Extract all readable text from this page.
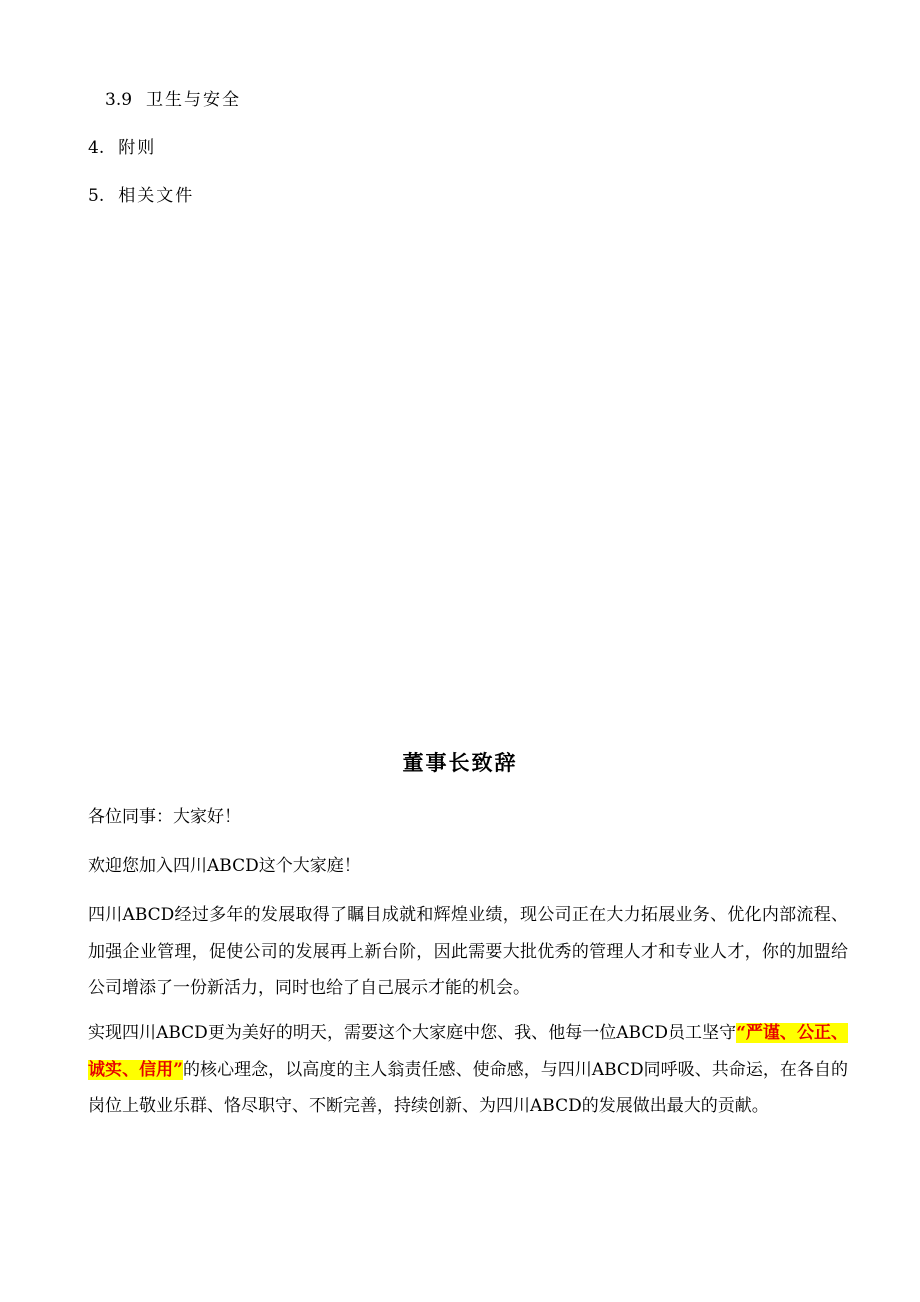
3.9 卫生与安全
4. 附则
5. 相关文件
董事长致辞
各位同事：大家好！
欢迎您加入四川ABCD这个大家庭！
四川ABCD经过多年的发展取得了瞩目成就和辉煌业绩，现公司正在大力拓展业务、优化内部流程、加强企业管理，促使公司的发展再上新台阶，因此需要大批优秀的管理人才和专业人才，你的加盟给公司增添了一份新活力，同时也给了自己展示才能的机会。
实现四川ABCD更为美好的明天，需要这个大家庭中您、我、他每一位ABCD员工坚守“严谨、公正、诚实、信用”的核心理念，以高度的主人翁责任感、使命感，与四川ABCD同呼吸、共命运，在各自的岗位上敬业乐群、恪尽职守、不断完善，持续创新、为四川ABCD的发展做出最大的贡献。
